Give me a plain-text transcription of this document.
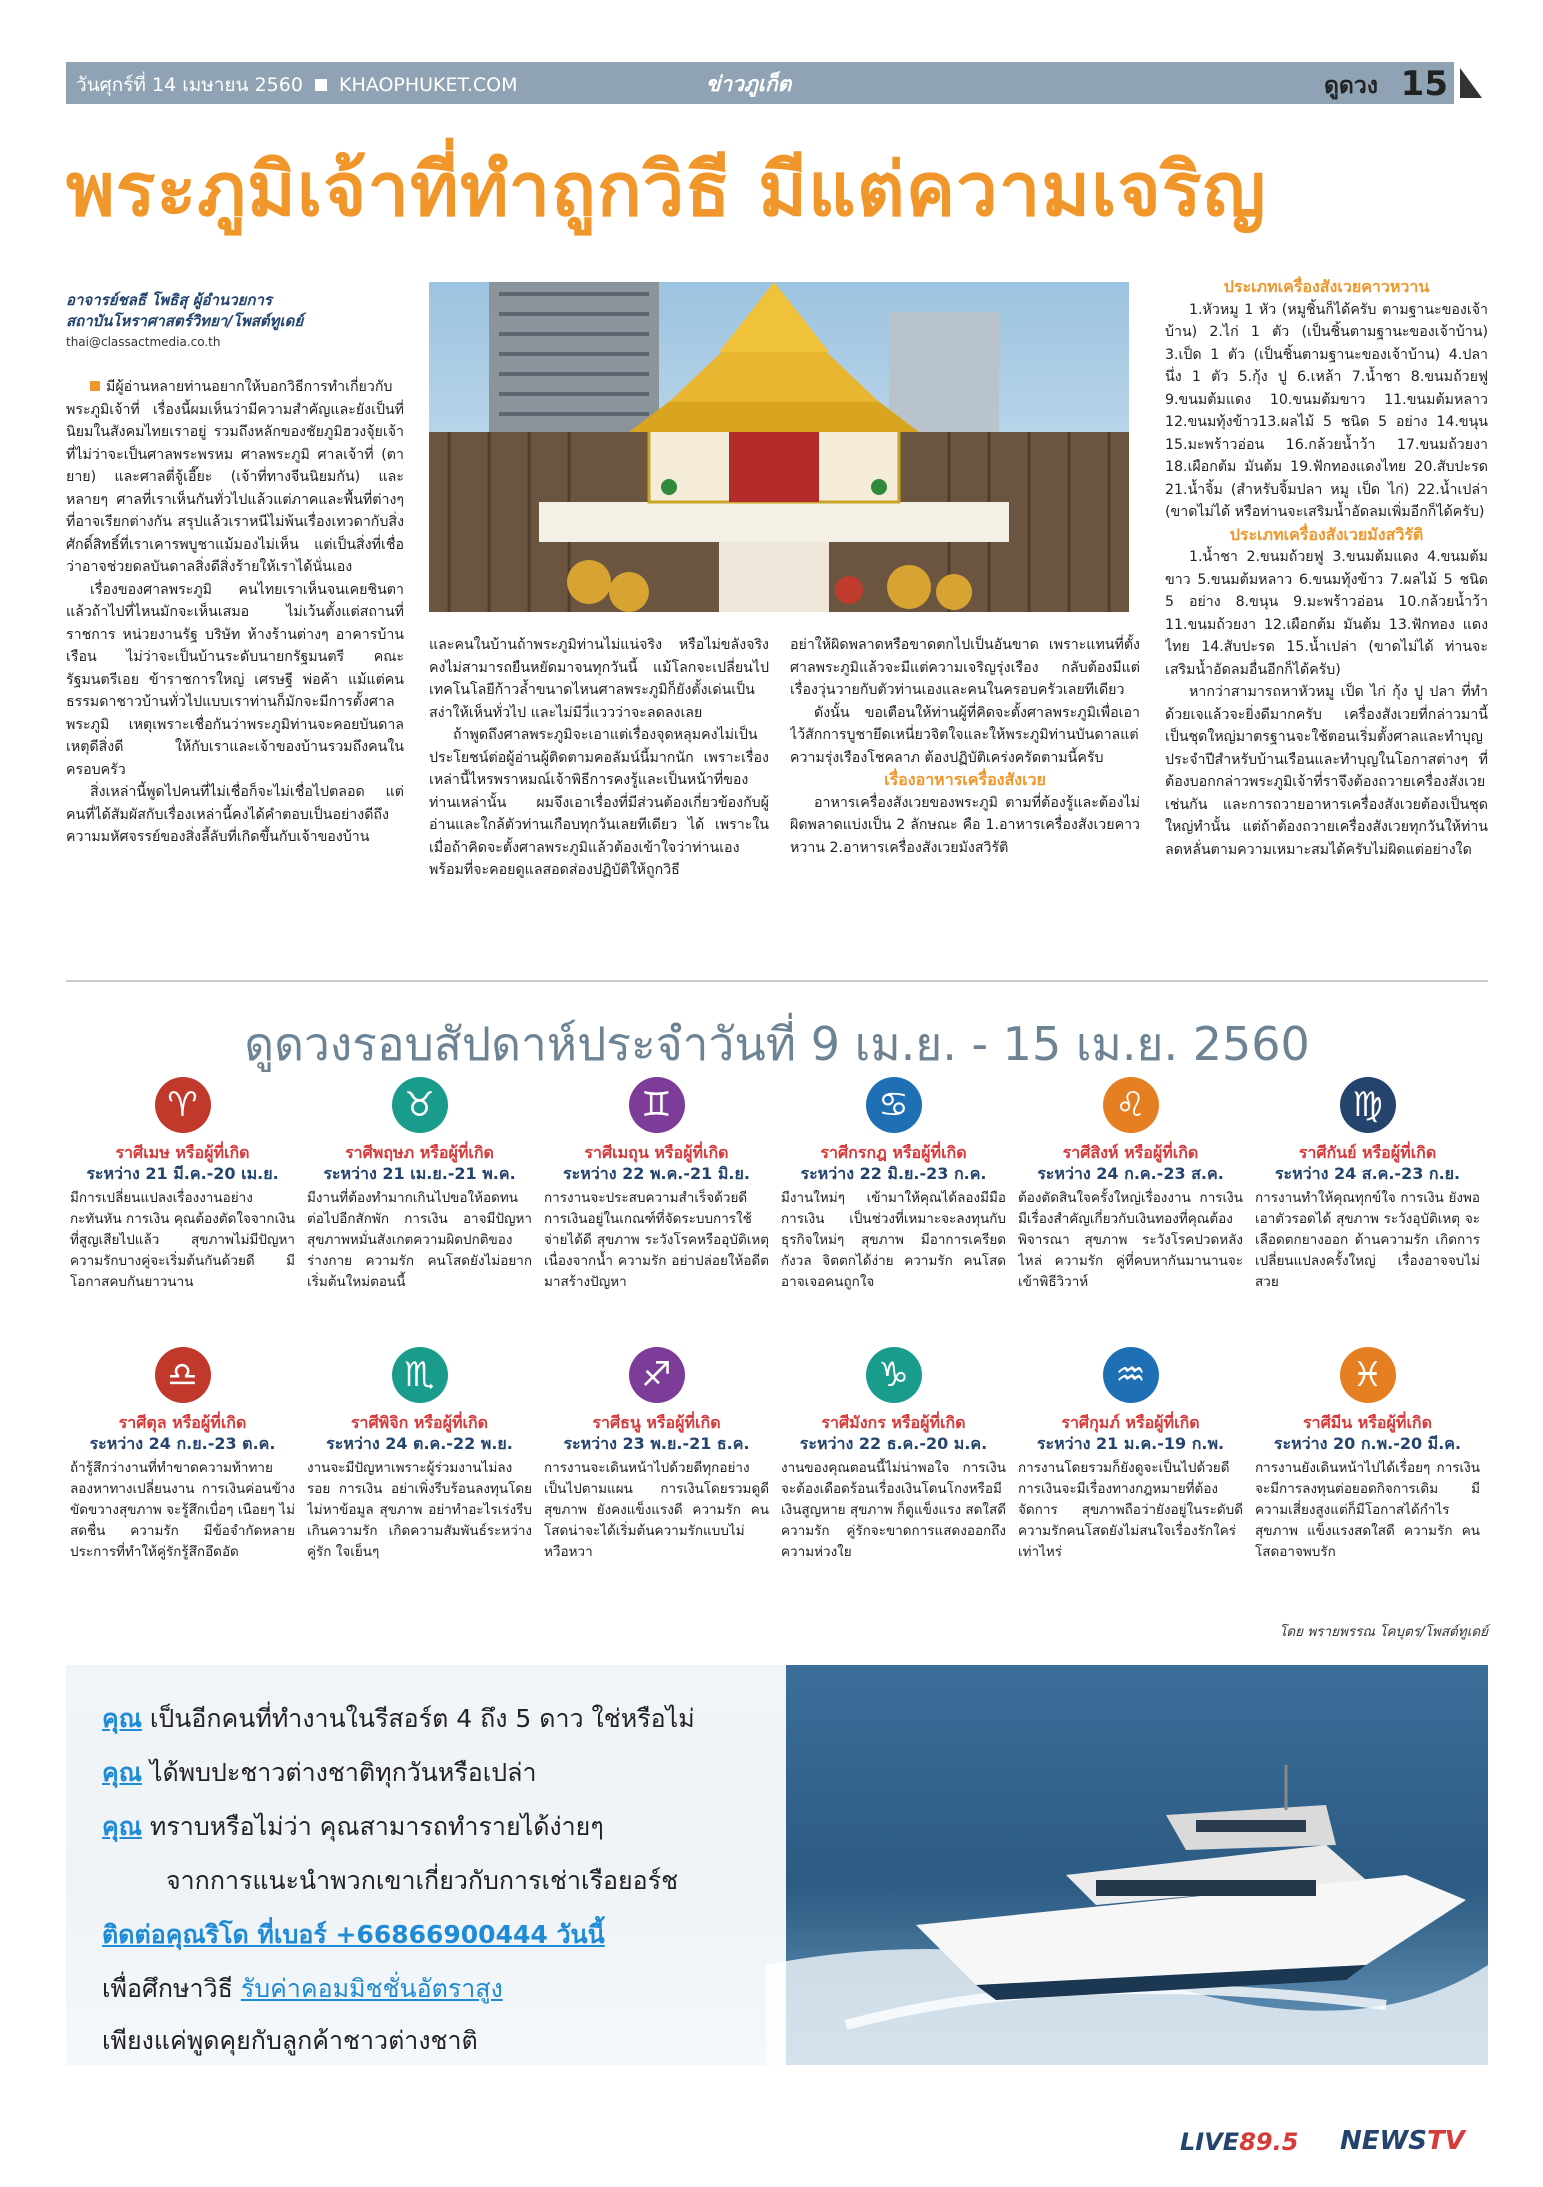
วันศุกร์ที่ 14 เมษายน 2560 KHAOPHUKET.COM	ข่าวภูเก็ต	ดูดวง 15
พระภูมิเจ้าที่ทำถูกวิธี มีแต่ความเจริญ
อาจารย์ชลธี โพธิสุ ผู้อำนวยการ
สถาบันโหราศาสตร์วิทยา/โพสต์ทูเดย์
thai@classactmedia.co.th

มีผู้อ่านหลายท่านอยากให้บอกวิธีการทำเกี่ยวกับพระภูมิเจ้าที่ เรื่องนี้ผมเห็นว่ามีความสำคัญและยังเป็นที่นิยมในสังคมไทยเราอยู่ รวมถึงหลักของชัยภูมิฮวงจุ้ยเจ้าที่ไม่ว่าจะเป็นศาลพระพรหม ศาลพระภูมิ ศาลเจ้าที่ (ตายาย) และศาลตี่จู้เอี๊ยะ (เจ้าที่ทางจีนนิยมกัน) และหลายๆ ศาลที่เราเห็นกันทั่วไปแล้วแต่ภาคและพื้นที่ต่างๆ ที่อาจเรียกต่างกัน สรุปแล้วเราหนีไม่พ้นเรื่องเทวดากับสิ่งศักดิ์สิทธิ์ที่เราเคารพบูชาแม้มองไม่เห็น แต่เป็นสิ่งที่เชื่อว่าอาจช่วยดลบันดาลสิ่งดีสิ่งร้ายให้เราได้นั่นเอง

เรื่องของศาลพระภูมิ คนไทยเราเห็นจนเคยชินตาแล้วถ้าไปที่ไหนมักจะเห็นเสมอ ไม่เว้นตั้งแต่สถานที่ราชการ หน่วยงานรัฐ บริษัท ห้างร้านต่างๆ อาคารบ้านเรือน ไม่ว่าจะเป็นบ้านระดับนายกรัฐมนตรี คณะรัฐมนตรีเอย ข้าราชการใหญ่ เศรษฐี พ่อค้า แม้แต่คนธรรมดาชาวบ้านทั่วไปแบบเราท่านก็มักจะมีการตั้งศาลพระภูมิ เหตุเพราะเชื่อกันว่าพระภูมิท่านจะคอยบันดาลเหตุดีสิ่งดี ให้กับเราและเจ้าของบ้านรวมถึงคนในครอบครัว

สิ่งเหล่านี้พูดไปคนที่ไม่เชื่อก็จะไม่เชื่อไปตลอด แต่คนที่ได้สัมผัสกับเรื่องเหล่านี้คงได้คำตอบเป็นอย่างดีถึงความมหัศจรรย์ของสิ่งลี้ลับที่เกิดขึ้นกับเจ้าของบ้าน

และคนในบ้านถ้าพระภูมิท่านไม่แน่จริง หรือไม่ขลังจริงคงไม่สามารถยืนหยัดมาจนทุกวันนี้ แม้โลกจะเปลี่ยนไป เทคโนโลยีก้าวล้ำขนาดไหนศาลพระภูมิก็ยังตั้งเด่นเป็นสง่าให้เห็นทั่วไป และไม่มีวี่แววว่าจะลดลงเลย

ถ้าพูดถึงศาลพระภูมิจะเอาแต่เรื่องจุดหลุมคงไม่เป็นประโยชน์ต่อผู้อ่านผู้ติดตามคอลัมน์นี้มากนัก เพราะเรื่องเหล่านี้ไหรพราหมณ์เจ้าพิธีการคงรู้และเป็นหน้าที่ของท่านเหล่านั้น ผมจึงเอาเรื่องที่มีส่วนต้องเกี่ยวข้องกับผู้อ่านและใกล้ตัวท่านเกือบทุกวันเลยทีเดียว ได้ เพราะในเมื่อถ้าคิดจะตั้งศาลพระภูมิแล้วต้องเข้าใจว่าท่านเองพร้อมที่จะคอยดูแลสอดส่องปฏิบัติให้ถูกวิธี

อย่าให้ผิดพลาดหรือขาดตกไปเป็นอันขาด เพราะแทนที่ตั้งศาลพระภูมิแล้วจะมีแต่ความเจริญรุ่งเรือง กลับต้องมีแต่เรื่องวุ่นวายกับตัวท่านเองและคนในครอบครัวเลยทีเดียว

ดังนั้น ขอเตือนให้ท่านผู้ที่คิดจะตั้งศาลพระภูมิเพื่อเอาไว้สักการบูชายึดเหนี่ยวจิตใจและให้พระภูมิท่านบันดาลแต่ความรุ่งเรืองโชคลาภ ต้องปฏิบัติเคร่งครัดตามนี้ครับ

เรื่องอาหารเครื่องสังเวย

อาหารเครื่องสังเวยของพระภูมิ ตามที่ต้องรู้และต้องไม่ผิดพลาดแบ่งเป็น 2 ลักษณะ คือ 1.อาหารเครื่องสังเวยคาวหวาน 2.อาหารเครื่องสังเวยมังสวิรัติ

ประเภทเครื่องสังเวยคาวหวาน

1.หัวหมู 1 หัว (หมูชิ้นก็ได้ครับ ตามฐานะของเจ้าบ้าน) 2.ไก่ 1 ตัว (เป็นชิ้นตามฐานะของเจ้าบ้าน) 3.เป็ด 1 ตัว (เป็นชิ้นตามฐานะของเจ้าบ้าน) 4.ปลานึ่ง 1 ตัว 5.กุ้ง ปู 6.เหล้า 7.น้ำชา 8.ขนมถ้วยฟู 9.ขนมต้มแดง 10.ขนมต้มขาว 11.ขนมต้มหลาว 12.ขนมทุ้งข้าว13.ผลไม้ 5 ชนิด 5 อย่าง 14.ขนุน 15.มะพร้าวอ่อน 16.กล้วยน้ำว้า 17.ขนมถ้วยงา 18.เผือกต้ม มันต้ม 19.ฟักทองแดงไทย 20.สับปะรด 21.น้ำจิ้ม (สำหรับจิ้มปลา หมู เป็ด ไก่) 22.น้ำเปล่า (ขาดไม่ได้ หรือท่านจะเสริมน้ำอัดลมเพิ่มอีกก็ได้ครับ)

ประเภทเครื่องสังเวยมังสวิรัติ

1.น้ำชา 2.ขนมถ้วยฟู 3.ขนมต้มแดง 4.ขนมต้มขาว 5.ขนมต้มหลาว 6.ขนมทุ้งข้าว 7.ผลไม้ 5 ชนิด 5 อย่าง 8.ขนุน 9.มะพร้าวอ่อน 10.กล้วยน้ำว้า 11.ขนมถ้วยงา 12.เผือกต้ม มันต้ม 13.ฟักทอง แดงไทย 14.สับปะรด 15.น้ำเปล่า (ขาดไม่ได้ ท่านจะเสริมน้ำอัดลมอื่นอีกก็ได้ครับ)

หากว่าสามารถหาหัวหมู เป็ด ไก่ กุ้ง ปู ปลา ที่ทำด้วยเจแล้วจะยิ่งดีมากครับ เครื่องสังเวยที่กล่าวมานี้เป็นชุดใหญ่มาตรฐานจะใช้ตอนเริ่มตั้งศาลและทำบุญประจำปีสำหรับบ้านเรือนและทำบุญในโอกาสต่างๆ ที่ต้องบอกกล่าวพระภูมิเจ้าที่ราจึงต้องถวายเครื่องสังเวยเช่นกัน และการถวายอาหารเครื่องสังเวยต้องเป็นชุดใหญ่ทำนั้น แต่ถ้าต้องถวายเครื่องสังเวยทุกวันให้ท่านลดหลั่นตามความเหมาะสมได้ครับไม่ผิดแต่อย่างใด

ดูดวงรอบสัปดาห์ประจำวันที่ 9 เม.ย. - 15 เม.ย. 2560
♈
ราศีเมษ หรือผู้ที่เกิด
ระหว่าง 21 มี.ค.-20 เม.ย.
มีการเปลี่ยนแปลงเรื่องงานอย่างกะทันหัน การเงิน คุณต้องตัดใจจากเงินที่สูญเสียไปแล้ว สุขภาพไม่มีปัญหาความรักบางคู่จะเริ่มต้นกันด้วยดี มีโอกาสคบกันยาวนาน
♉
ราศีพฤษภ หรือผู้ที่เกิด
ระหว่าง 21 เม.ย.-21 พ.ค.
มีงานที่ต้องทำมากเกินไปขอให้อดทนต่อไปอีกสักพัก การเงิน อาจมีปัญหา สุขภาพหมั่นสังเกตความผิดปกติของร่างกาย ความรัก คนโสดยังไม่อยากเริ่มต้นใหม่ตอนนี้
♊
ราศีเมถุน หรือผู้ที่เกิด
ระหว่าง 22 พ.ค.-21 มิ.ย.
การงานจะประสบความสำเร็จด้วยดี การเงินอยู่ในเกณฑ์ที่จัดระบบการใช้จ่ายได้ดี สุขภาพ ระวังโรคหรืออุบัติเหตุเนื่องจากน้ำ ความรัก อย่าปล่อยให้อดีตมาสร้างปัญหา
♋
ราศีกรกฎ หรือผู้ที่เกิด
ระหว่าง 22 มิ.ย.-23 ก.ค.
มีงานใหม่ๆ เข้ามาให้คุณได้ลองมีมือ การเงิน เป็นช่วงที่เหมาะจะลงทุนกับธุรกิจใหม่ๆ สุขภาพ มีอาการเครียด กังวล จิตตกได้ง่าย ความรัก คนโสดอาจเจอคนถูกใจ
♌
ราศีสิงห์ หรือผู้ที่เกิด
ระหว่าง 24 ก.ค.-23 ส.ค.
ต้องตัดสินใจครั้งใหญ่เรื่องงาน การเงิน มีเรื่องสำคัญเกี่ยวกับเงินทองที่คุณต้องพิจารณา สุขภาพ ระวังโรคปวดหลังไหล่ ความรัก คู่ที่คบหากันมานานจะเข้าพิธีวิวาห์
♍
ราศีกันย์ หรือผู้ที่เกิด
ระหว่าง 24 ส.ค.-23 ก.ย.
การงานทำให้คุณทุกข์ใจ การเงิน ยังพอเอาตัวรอดได้ สุขภาพ ระวังอุบัติเหตุ จะเลือดตกยางออก ด้านความรัก เกิดการเปลี่ยนแปลงครั้งใหญ่ เรื่องอาจจบไม่สวย
♎
ราศีตุล หรือผู้ที่เกิด
ระหว่าง 24 ก.ย.-23 ต.ค.
ถ้ารู้สึกว่างานที่ทำขาดความท้าทาย ลองหาทางเปลี่ยนงาน การเงินค่อนข้างขัดขวางสุขภาพ จะรู้สึกเบื่อๆ เนือยๆ ไม่สดชื่น ความรัก มีข้อจำกัดหลายประการที่ทำให้คู่รักรู้สึกอึดอัด
♏
ราศีพิจิก หรือผู้ที่เกิด
ระหว่าง 24 ต.ค.-22 พ.ย.
งานจะมีปัญหาเพราะผู้ร่วมงานไม่ลงรอย การเงิน อย่าเพิ่งรีบร้อนลงทุนโดยไม่หาข้อมูล สุขภาพ อย่าทำอะไรเร่งรีบเกินความรัก เกิดความสัมพันธ์ระหว่างคู่รัก ใจเย็นๆ
♐
ราศีธนู หรือผู้ที่เกิด
ระหว่าง 23 พ.ย.-21 ธ.ค.
การงานจะเดินหน้าไปด้วยดีทุกอย่างเป็นไปตามแผน การเงินโดยรวมดูดี สุขภาพ ยังคงแข็งแรงดี ความรัก คนโสดน่าจะได้เริ่มต้นความรักแบบไม่หวือหวา
♑
ราศีมังกร หรือผู้ที่เกิด
ระหว่าง 22 ธ.ค.-20 ม.ค.
งานของคุณตอนนี้ไม่น่าพอใจ การเงิน จะต้องเดือดร้อนเรื่องเงินโดนโกงหรือมีเงินสูญหาย สุขภาพ ก็ดูแข็งแรง สดใสดี ความรัก คู่รักจะขาดการแสดงออกถึงความห่วงใย
♒
ราศีกุมภ์ หรือผู้ที่เกิด
ระหว่าง 21 ม.ค.-19 ก.พ.
การงานโดยรวมก็ยังดูจะเป็นไปด้วยดี การเงินจะมีเรื่องทางกฎหมายที่ต้องจัดการ สุขภาพถือว่ายังอยู่ในระดับดี ความรักคนโสดยังไม่สนใจเรื่องรักใคร่เท่าไหร่
♓
ราศีมีน หรือผู้ที่เกิด
ระหว่าง 20 ก.พ.-20 มี.ค.
การงานยังเดินหน้าไปได้เรื่อยๆ การเงิน จะมีการลงทุนต่อยอดกิจการเดิม มีความเสี่ยงสูงแต่ก็มีโอกาสได้กำไร สุขภาพ แข็งแรงสดใสดี ความรัก คนโสดอาจพบรัก
โดย พรายพรรณ โคบุตร/โพสต์ทูเดย์
คุณ เป็นอีกคนที่ทำงานในรีสอร์ต 4 ถึง 5 ดาว ใช่หรือไม่
คุณ ได้พบปะชาวต่างชาติทุกวันหรือเปล่า
คุณ ทราบหรือไม่ว่า คุณสามารถทำรายได้ง่ายๆ
จากการแนะนำพวกเขาเกี่ยวกับการเช่าเรือยอร์ช
ติดต่อคุณริโด ที่เบอร์ +66866900444 วันนี้
เพื่อศึกษาวิธี รับค่าคอมมิชชั่นอัตราสูง
เพียงแค่พูดคุยกับลูกค้าชาวต่างชาติ
LIVE89.5 NEWSTV
